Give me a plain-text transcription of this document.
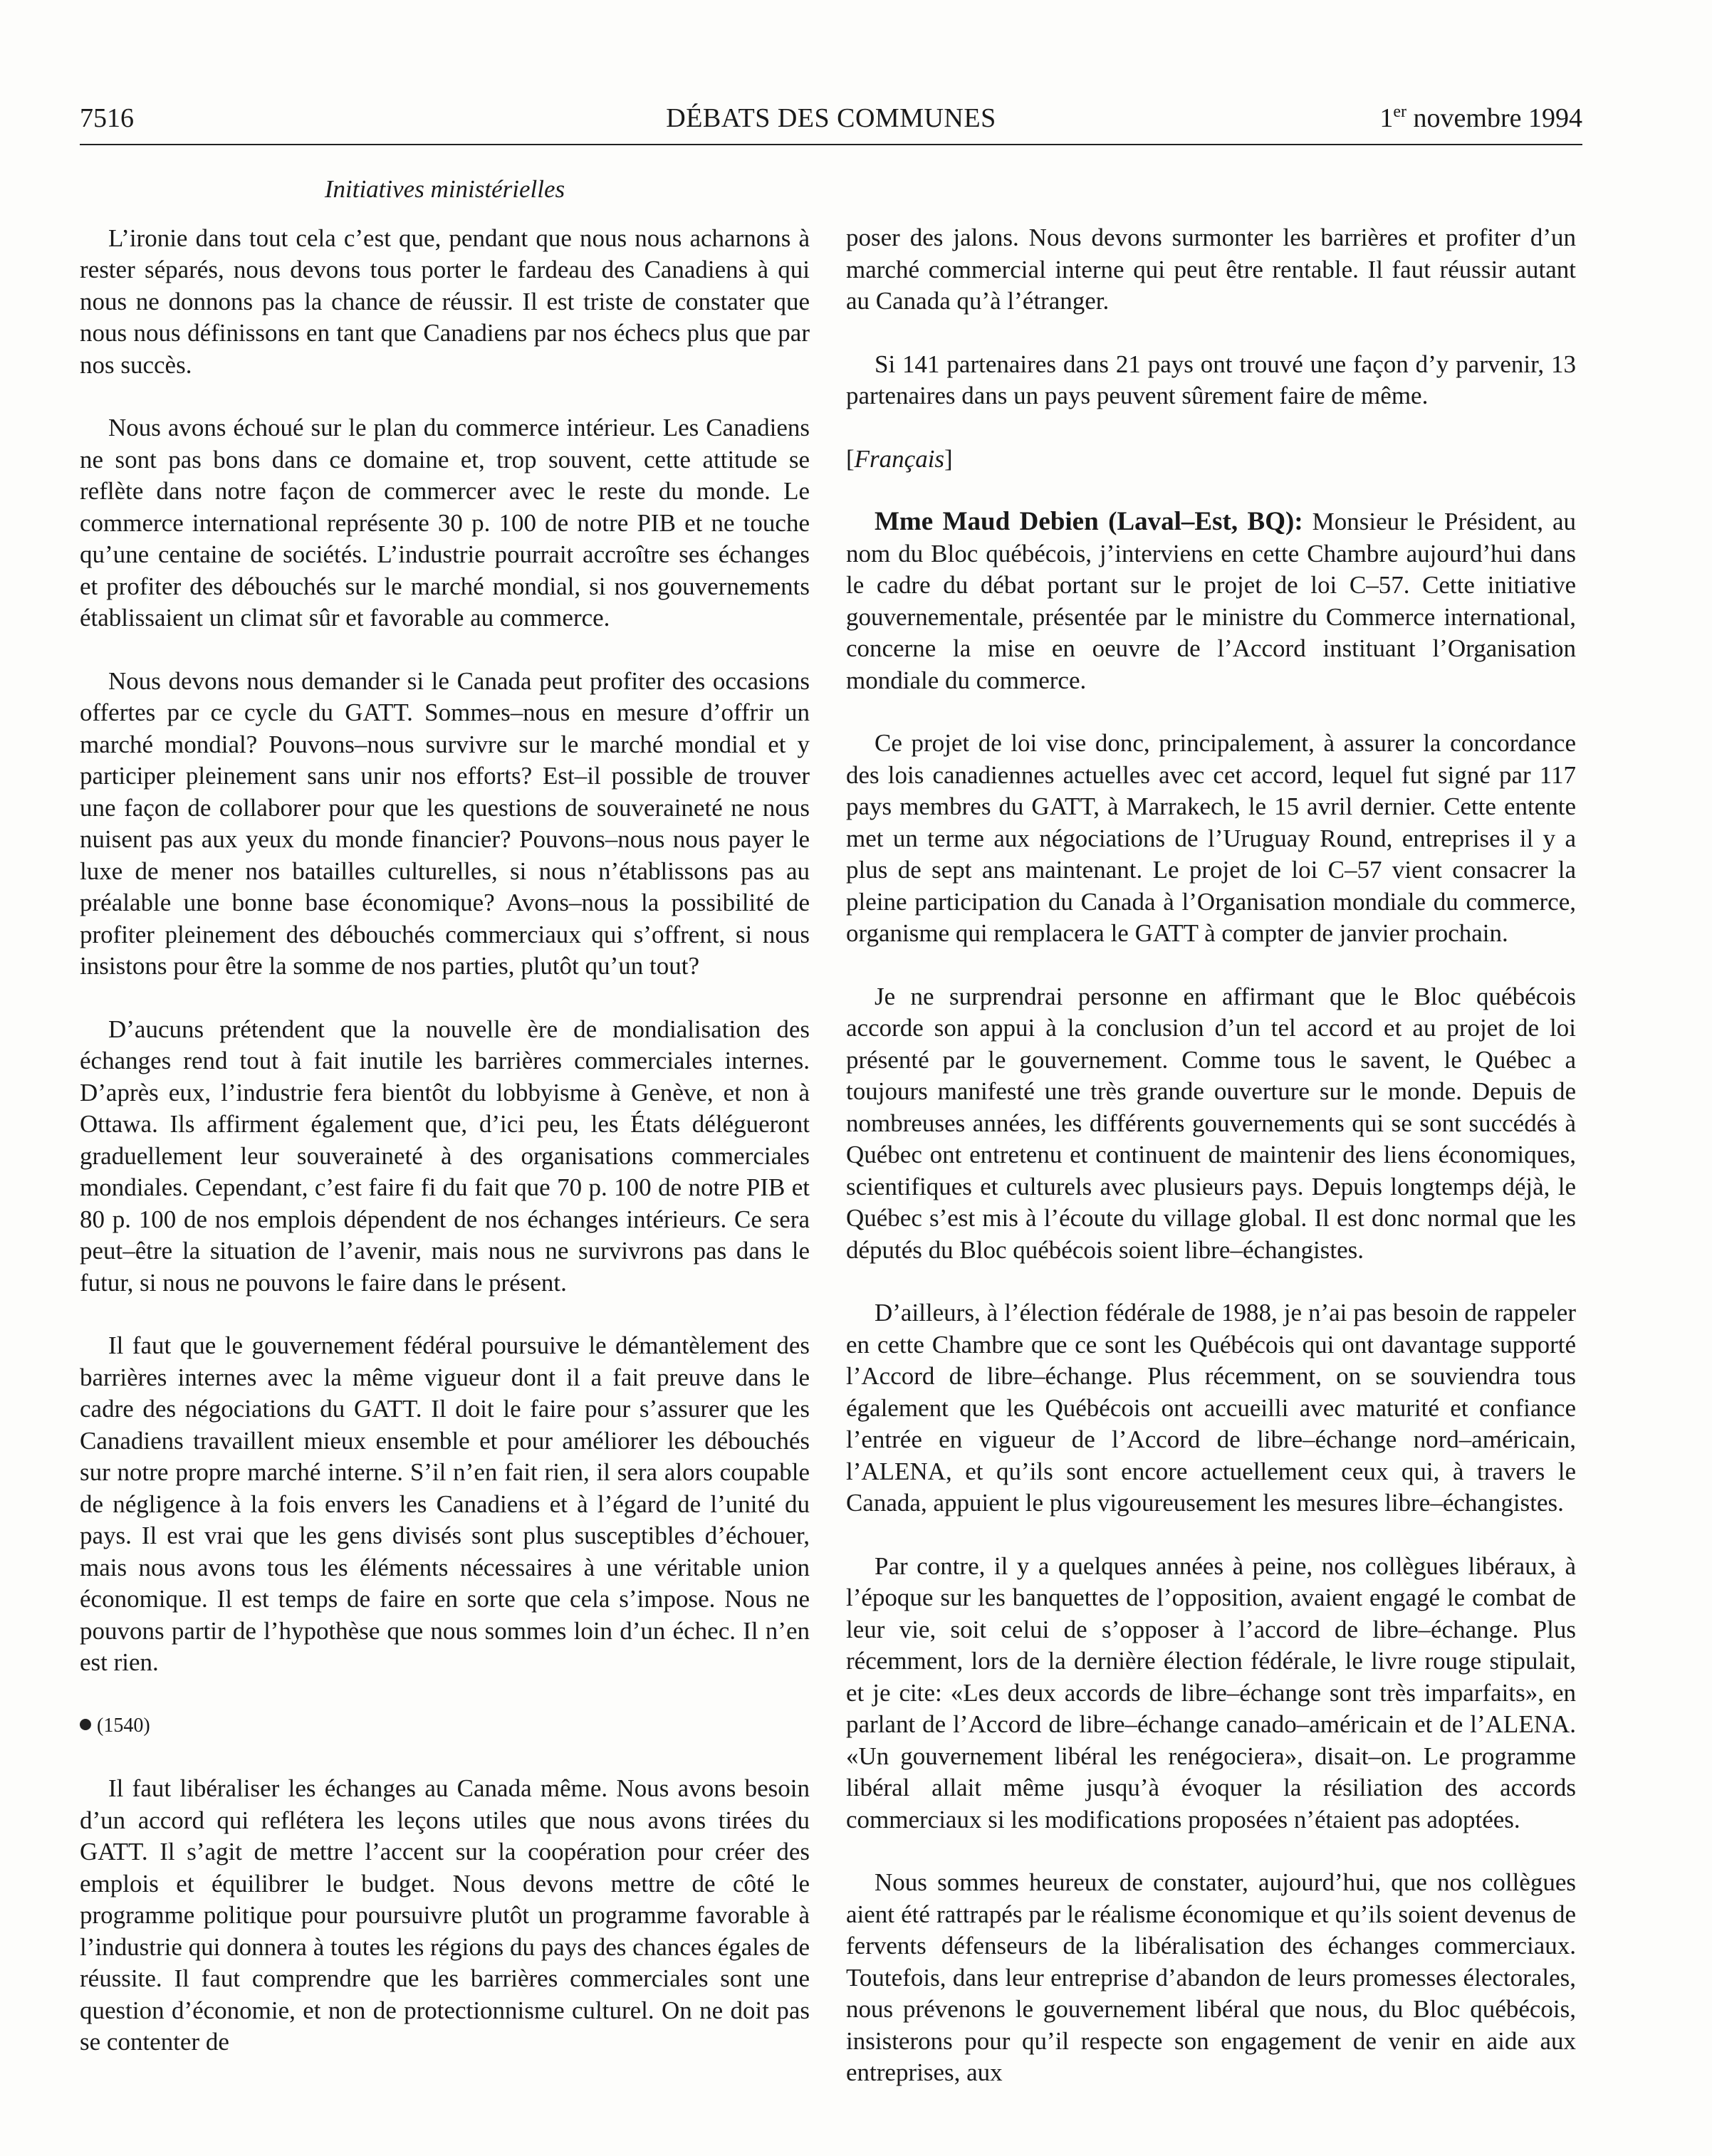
7516	DÉBATS DES COMMUNES	1er novembre 1994
Initiatives ministérielles

L’ironie dans tout cela c’est que, pendant que nous nous acharnons à rester séparés, nous devons tous porter le fardeau des Canadiens à qui nous ne donnons pas la chance de réussir. Il est triste de constater que nous nous définissons en tant que Canadiens par nos échecs plus que par nos succès.

Nous avons échoué sur le plan du commerce intérieur. Les Canadiens ne sont pas bons dans ce domaine et, trop souvent, cette attitude se reflète dans notre façon de commercer avec le reste du monde. Le commerce international représente 30 p. 100 de notre PIB et ne touche qu’une centaine de sociétés. L’industrie pourrait accroître ses échanges et profiter des débouchés sur le marché mondial, si nos gouvernements établissaient un climat sûr et favorable au commerce.

Nous devons nous demander si le Canada peut profiter des occasions offertes par ce cycle du GATT. Sommes–nous en mesure d’offrir un marché mondial? Pouvons–nous survivre sur le marché mondial et y participer pleinement sans unir nos efforts? Est–il possible de trouver une façon de collaborer pour que les questions de souveraineté ne nous nuisent pas aux yeux du monde financier? Pouvons–nous nous payer le luxe de mener nos batailles culturelles, si nous n’établissons pas au préalable une bonne base économique? Avons–nous la possibilité de profiter pleinement des débouchés commerciaux qui s’offrent, si nous insistons pour être la somme de nos parties, plutôt qu’un tout?

D’aucuns prétendent que la nouvelle ère de mondialisation des échanges rend tout à fait inutile les barrières commerciales internes. D’après eux, l’industrie fera bientôt du lobbyisme à Genève, et non à Ottawa. Ils affirment également que, d’ici peu, les États délégueront graduellement leur souveraineté à des organisations commerciales mondiales. Cependant, c’est faire fi du fait que 70 p. 100 de notre PIB et 80 p. 100 de nos emplois dépendent de nos échanges intérieurs. Ce sera peut–être la situation de l’avenir, mais nous ne survivrons pas dans le futur, si nous ne pouvons le faire dans le présent.

Il faut que le gouvernement fédéral poursuive le démantèlement des barrières internes avec la même vigueur dont il a fait preuve dans le cadre des négociations du GATT. Il doit le faire pour s’assurer que les Canadiens travaillent mieux ensemble et pour améliorer les débouchés sur notre propre marché interne. S’il n’en fait rien, il sera alors coupable de négligence à la fois envers les Canadiens et à l’égard de l’unité du pays. Il est vrai que les gens divisés sont plus susceptibles d’échouer, mais nous avons tous les éléments nécessaires à une véritable union économique. Il est temps de faire en sorte que cela s’impose. Nous ne pouvons partir de l’hypothèse que nous sommes loin d’un échec. Il n’en est rien.

(1540)

Il faut libéraliser les échanges au Canada même. Nous avons besoin d’un accord qui reflétera les leçons utiles que nous avons tirées du GATT. Il s’agit de mettre l’accent sur la coopération pour créer des emplois et équilibrer le budget. Nous devons mettre de côté le programme politique pour poursuivre plutôt un programme favorable à l’industrie qui donnera à toutes les régions du pays des chances égales de réussite. Il faut comprendre que les barrières commerciales sont une question d’économie, et non de protectionnisme culturel. On ne doit pas se contenter de

poser des jalons. Nous devons surmonter les barrières et profiter d’un marché commercial interne qui peut être rentable. Il faut réussir autant au Canada qu’à l’étranger.

Si 141 partenaires dans 21 pays ont trouvé une façon d’y parvenir, 13 partenaires dans un pays peuvent sûrement faire de même.

[Français]

Mme Maud Debien (Laval–Est, BQ): Monsieur le Président, au nom du Bloc québécois, j’interviens en cette Chambre aujourd’hui dans le cadre du débat portant sur le projet de loi C–57. Cette initiative gouvernementale, présentée par le ministre du Commerce international, concerne la mise en oeuvre de l’Accord instituant l’Organisation mondiale du commerce.

Ce projet de loi vise donc, principalement, à assurer la concordance des lois canadiennes actuelles avec cet accord, lequel fut signé par 117 pays membres du GATT, à Marrakech, le 15 avril dernier. Cette entente met un terme aux négociations de l’Uruguay Round, entreprises il y a plus de sept ans maintenant. Le projet de loi C–57 vient consacrer la pleine participation du Canada à l’Organisation mondiale du commerce, organisme qui remplacera le GATT à compter de janvier prochain.

Je ne surprendrai personne en affirmant que le Bloc québécois accorde son appui à la conclusion d’un tel accord et au projet de loi présenté par le gouvernement. Comme tous le savent, le Québec a toujours manifesté une très grande ouverture sur le monde. Depuis de nombreuses années, les différents gouvernements qui se sont succédés à Québec ont entretenu et continuent de maintenir des liens économiques, scientifiques et culturels avec plusieurs pays. Depuis longtemps déjà, le Québec s’est mis à l’écoute du village global. Il est donc normal que les députés du Bloc québécois soient libre–échangistes.

D’ailleurs, à l’élection fédérale de 1988, je n’ai pas besoin de rappeler en cette Chambre que ce sont les Québécois qui ont davantage supporté l’Accord de libre–échange. Plus récemment, on se souviendra tous également que les Québécois ont accueilli avec maturité et confiance l’entrée en vigueur de l’Accord de libre–échange nord–américain, l’ALENA, et qu’ils sont encore actuellement ceux qui, à travers le Canada, appuient le plus vigoureusement les mesures libre–échangistes.

Par contre, il y a quelques années à peine, nos collègues libéraux, à l’époque sur les banquettes de l’opposition, avaient engagé le combat de leur vie, soit celui de s’opposer à l’accord de libre–échange. Plus récemment, lors de la dernière élection fédérale, le livre rouge stipulait, et je cite: «Les deux accords de libre–échange sont très imparfaits», en parlant de l’Accord de libre–échange canado–américain et de l’ALENA. «Un gouvernement libéral les renégociera», disait–on. Le programme libéral allait même jusqu’à évoquer la résiliation des accords commerciaux si les modifications proposées n’étaient pas adoptées.

Nous sommes heureux de constater, aujourd’hui, que nos collègues aient été rattrapés par le réalisme économique et qu’ils soient devenus de fervents défenseurs de la libéralisation des échanges commerciaux. Toutefois, dans leur entreprise d’abandon de leurs promesses électorales, nous prévenons le gouvernement libéral que nous, du Bloc québécois, insisterons pour qu’il respecte son engagement de venir en aide aux entreprises, aux
